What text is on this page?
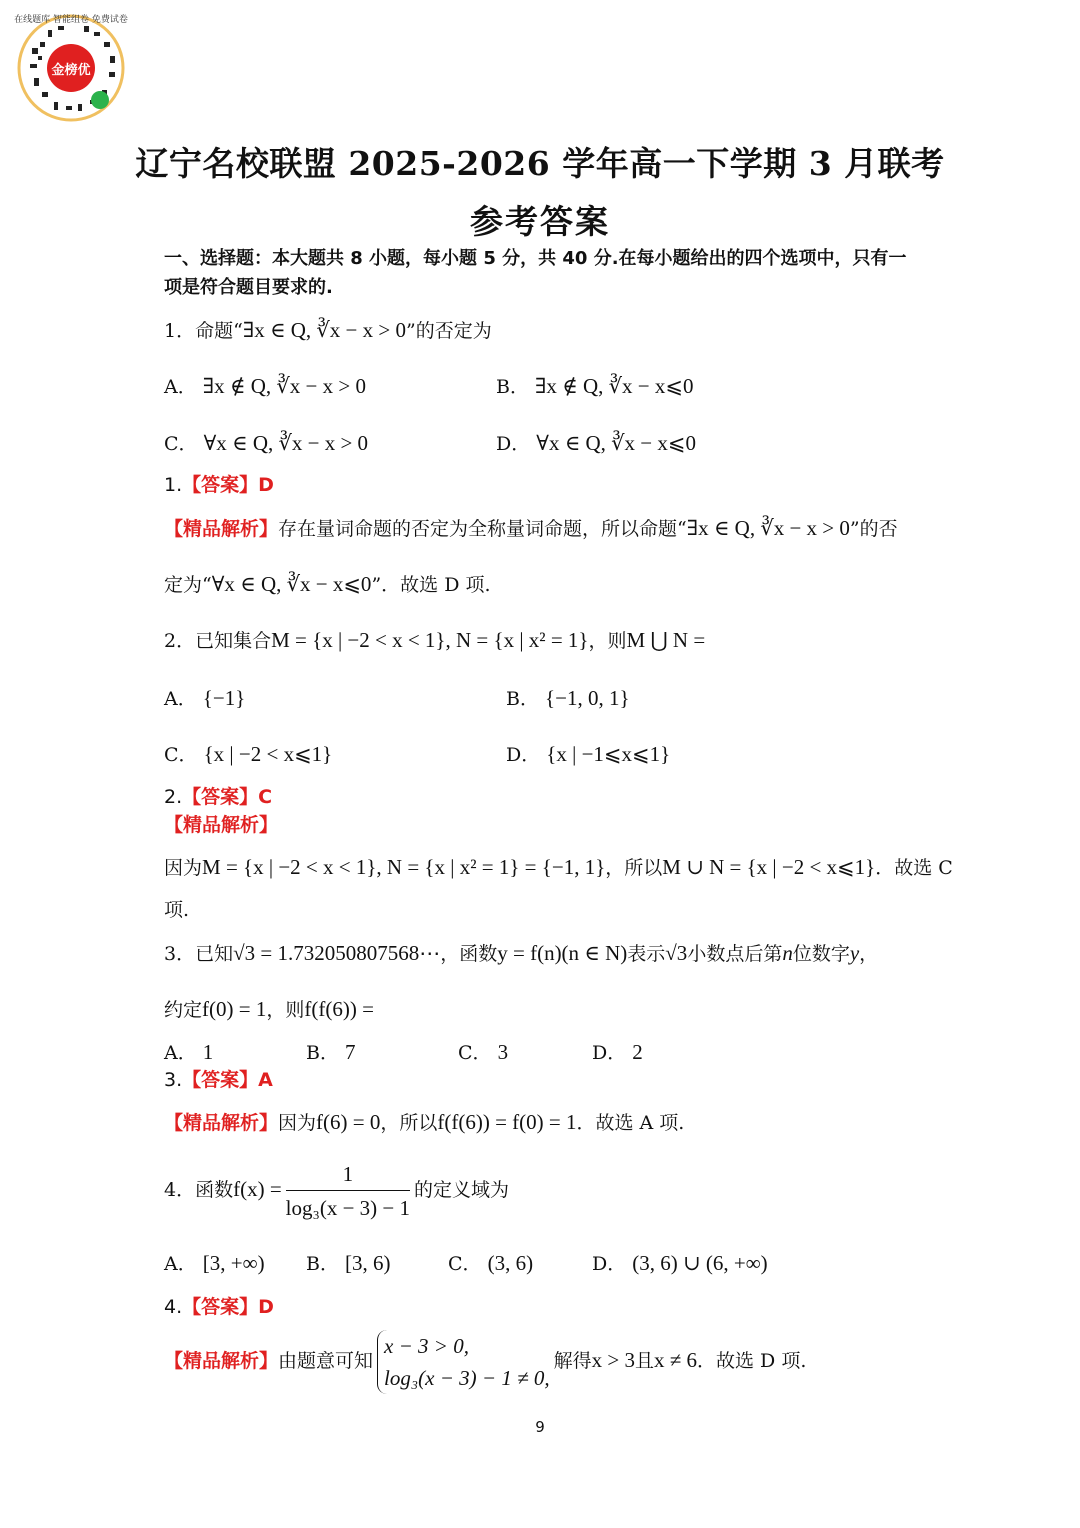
金榜优
在线题库 智能组卷 免费试卷
辽宁名校联盟 2025-2026 学年高一下学期 3 月联考
参考答案
一、选择题：本大题共 8 小题，每小题 5 分，共 40 分.在每小题给出的四个选项中，只有一
项是符合题目要求的.
1．命题“∃x ∈ Q, ∛x − x > 0”的否定为
A． ∃x ∉ Q, ∛x − x > 0	B． ∃x ∉ Q, ∛x − x⩽0
C． ∀x ∈ Q, ∛x − x > 0	D． ∀x ∈ Q, ∛x − x⩽0
1.【答案】D
【精品解析】存在量词命题的否定为全称量词命题，所以命题“∃x ∈ Q, ∛x − x > 0”的否
定为“∀x ∈ Q, ∛x − x⩽0”．故选 D 项.
2．已知集合M = {x | −2 < x < 1}, N = {x | x² = 1}，则M ⋃ N =
A． {−1}	B． {−1, 0, 1}
C． {x | −2 < x⩽1}	D． {x | −1⩽x⩽1}
2.【答案】C
【精品解析】
因为M = {x | −2 < x < 1}, N = {x | x² = 1} = {−1, 1}，所以M ∪ N = {x | −2 < x⩽1}．故选 C
项.
3．已知√3 = 1.732050807568⋯，函数y = f(n)(n ∈ N)表示√3小数点后第n位数字y，
约定f(0) = 1，则f(f(6)) =
A． 1	B． 7	C． 3	D． 2
3.【答案】A
【精品解析】因为f(6) = 0，所以f(f(6)) = f(0) = 1．故选 A 项.
4．函数$f(x) = \frac{1}{\text{log₃(x − 3) − 1}}$ 的定义域为
A． [3, +∞) B． [3, 6)	C． (3, 6)	D． (3, 6) ∪ (6, +∞)
4.【答案】D
【精品解析】由题意可知
x − 3 > 0,
log₃(x − 3) − 1 ≠ 0,
解得x > 3且x ≠ 6．故选 D 项.
9
